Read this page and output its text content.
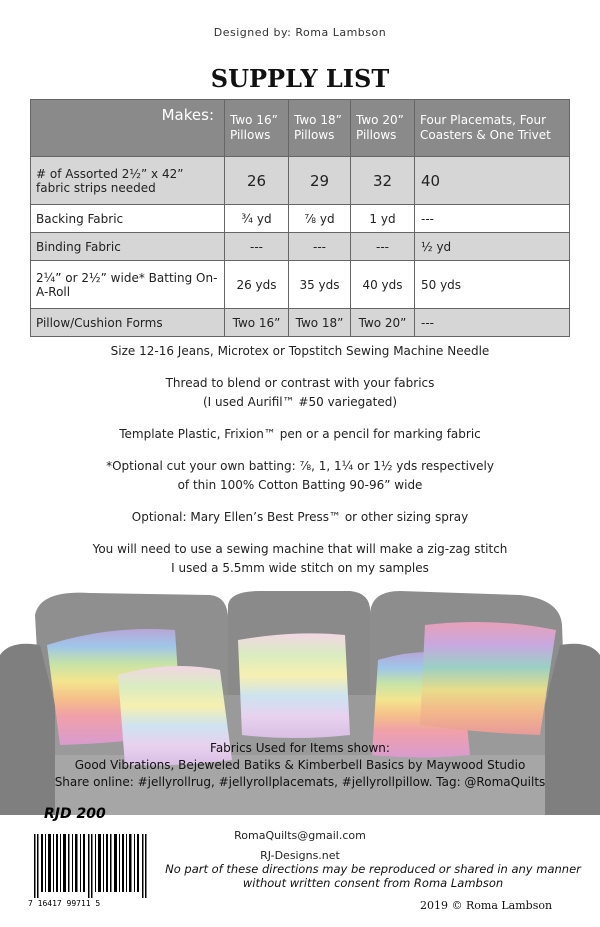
Designed by: Roma Lambson
SUPPLY LIST
Makes:	Two 16” Pillows	Two 18” Pillows	Two 20” Pillows	Four Placemats, Four Coasters & One Trivet
# of Assorted 2½” x 42” fabric strips needed	26	29	32	40
Backing Fabric	¾ yd	⅞ yd	1 yd	---
Binding Fabric	---	---	---	½ yd
2¼” or 2½” wide* Batting On-A-Roll	26 yds	35 yds	40 yds	50 yds
Pillow/Cushion Forms	Two 16”	Two 18”	Two 20”	---

Size 12-16 Jeans, Microtex or Topstitch Sewing Machine Needle

Thread to blend or contrast with your fabrics
(I used Aurifil™ #50 variegated)

Template Plastic, Frixion™ pen or a pencil for marking fabric

*Optional cut your own batting: ⅞, 1, 1¼ or 1½ yds respectively
of thin 100% Cotton Batting 90-96” wide

Optional: Mary Ellen’s Best Press™ or other sizing spray

You will need to use a sewing machine that will make a zig-zag stitch
I used a 5.5mm wide stitch on my samples

Fabrics Used for Items shown:
Good Vibrations, Bejeweled Batiks & Kimberbell Basics by Maywood Studio
Share online: #jellyrollrug, #jellyrollplacemats, #jellyrollpillow. Tag: @RomaQuilts
RJD 200
RomaQuilts@gmail.com
RJ-Designs.net
7 16417 99711 5
No part of these directions may be reproduced or shared in any manner without written consent from Roma Lambson
2019 © Roma Lambson
